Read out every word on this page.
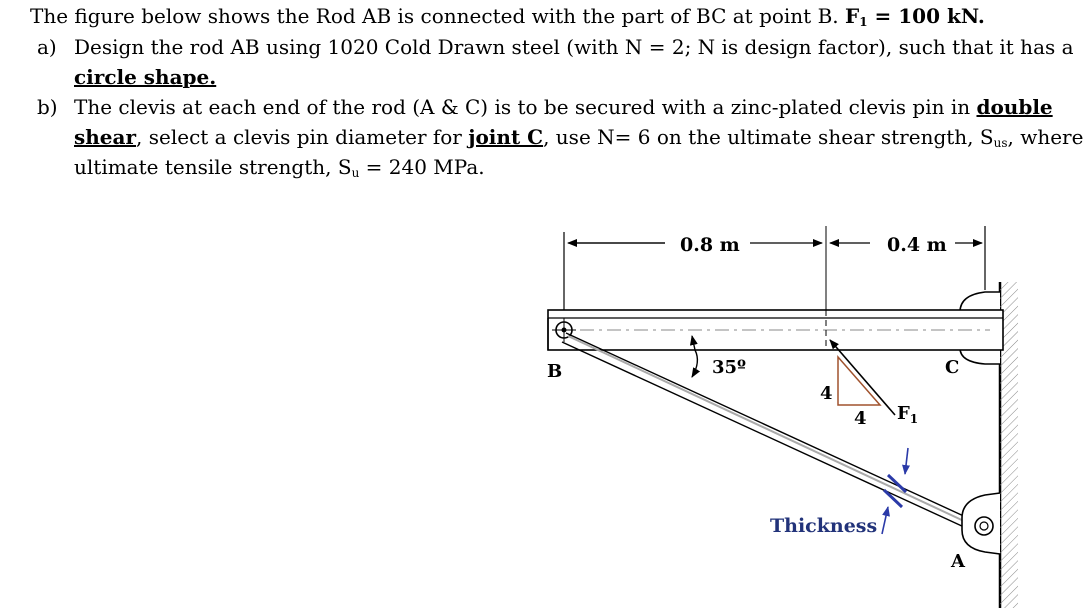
The figure below shows the Rod AB is connected with the part of BC at point B. $F_1 = 100$ kN.
a) Design the rod AB using 1020 Cold Drawn steel (with N = 2; N is design factor), such that it has a
circle shape.
b) The clevis at each end of the rod (A & C) is to be secured with a zinc-plated clevis pin in double
shear, select a clevis pin diameter for joint C, use N= 6 on the ultimate shear strength, $S_{us}$, where
ultimate tensile strength, $S_u = 240$ MPa.
0.8 m	0.4 m
35º
4
4 $F_1$
Thickness
B	C
A
